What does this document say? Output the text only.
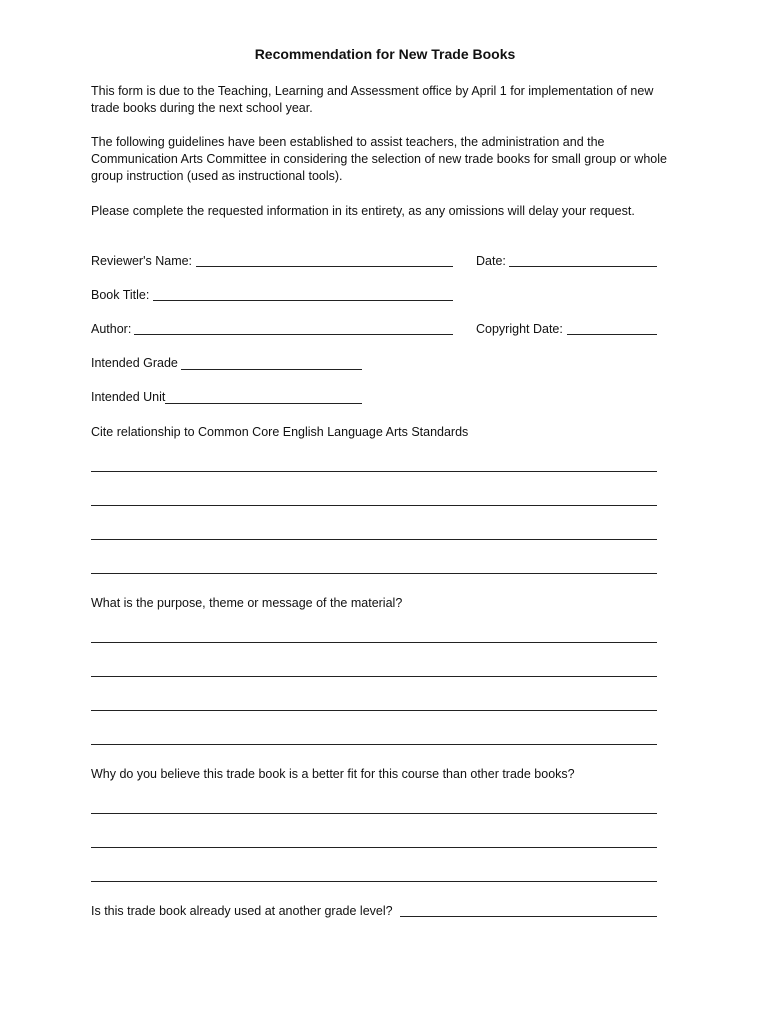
Recommendation for New Trade Books
This form is due to the Teaching, Learning and Assessment office by April 1 for implementation of new trade books during the next school year.
The following guidelines have been established to assist teachers, the administration and the Communication Arts Committee in considering the selection of new trade books for small group or whole group instruction (used as instructional tools).
Please complete the requested information in its entirety, as any omissions will delay your request.
Reviewer's Name:	Date:
Book Title:
Author:	Copyright Date:
Intended Grade
Intended Unit
Cite relationship to Common Core English Language Arts Standards
What is the purpose, theme or message of the material?
Why do you believe this trade book is a better fit for this course than other trade books?
Is this trade book already used at another grade level?
